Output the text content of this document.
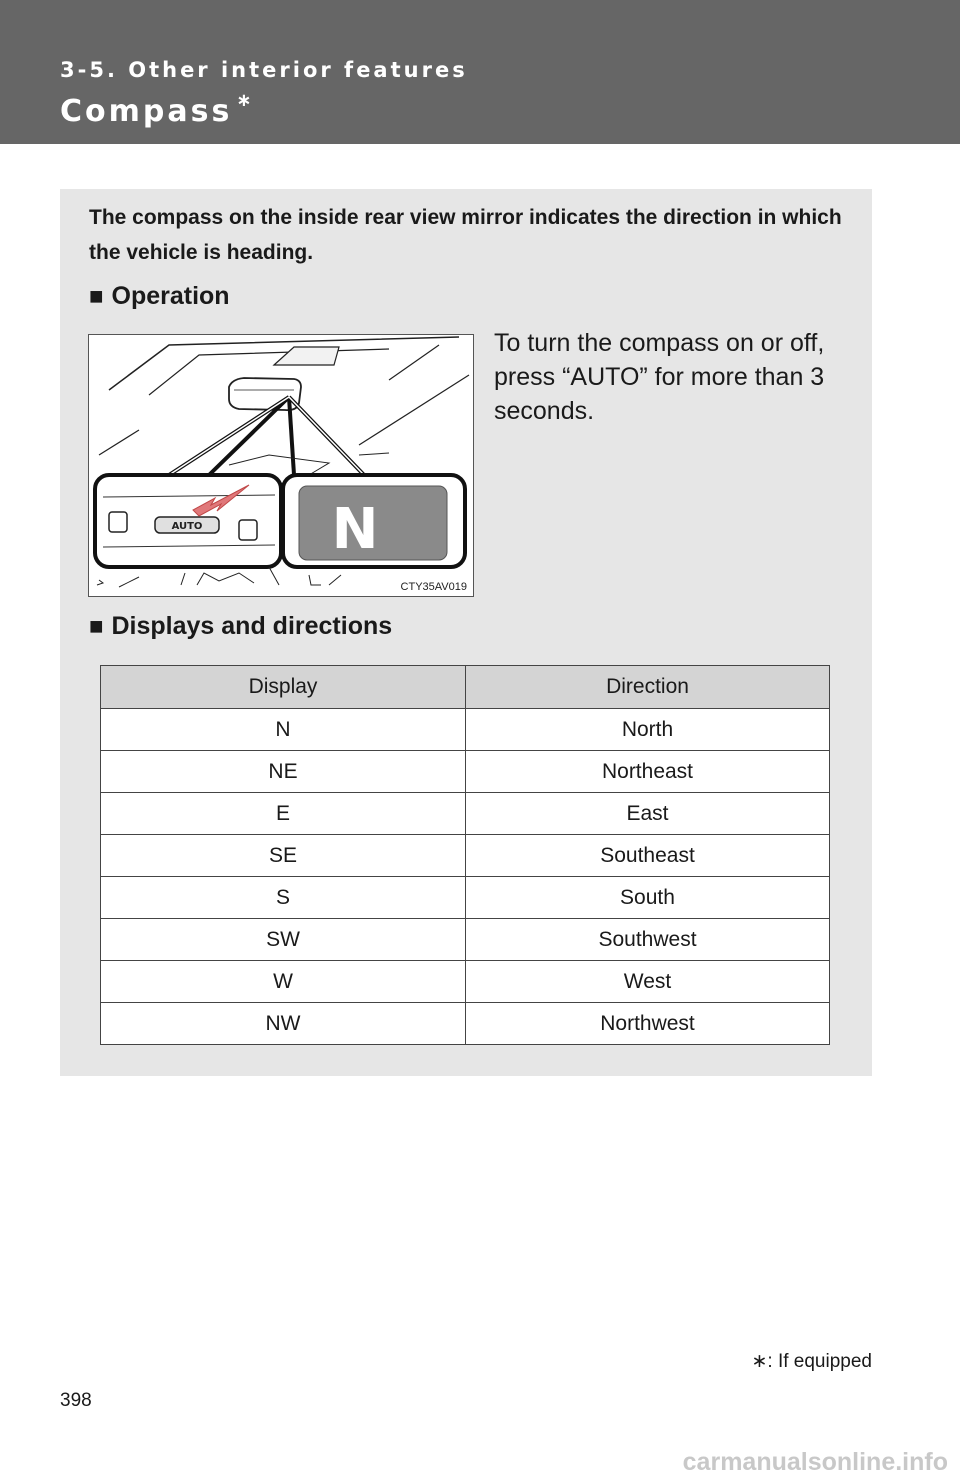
3-5. Other interior features
Compass ∗
The compass on the inside rear view mirror indicates the direction in which the vehicle is heading.
■ Operation
AUTO N
CTY35AV019
To turn the compass on or off, press “AUTO” for more than 3 seconds.
■ Displays and directions
Display	Direction
N	North
NE	Northeast
E	East
SE	Southeast
S	South
SW	Southwest
W	West
NW	Northwest
∗: If equipped
398
carmanualsonline.info
